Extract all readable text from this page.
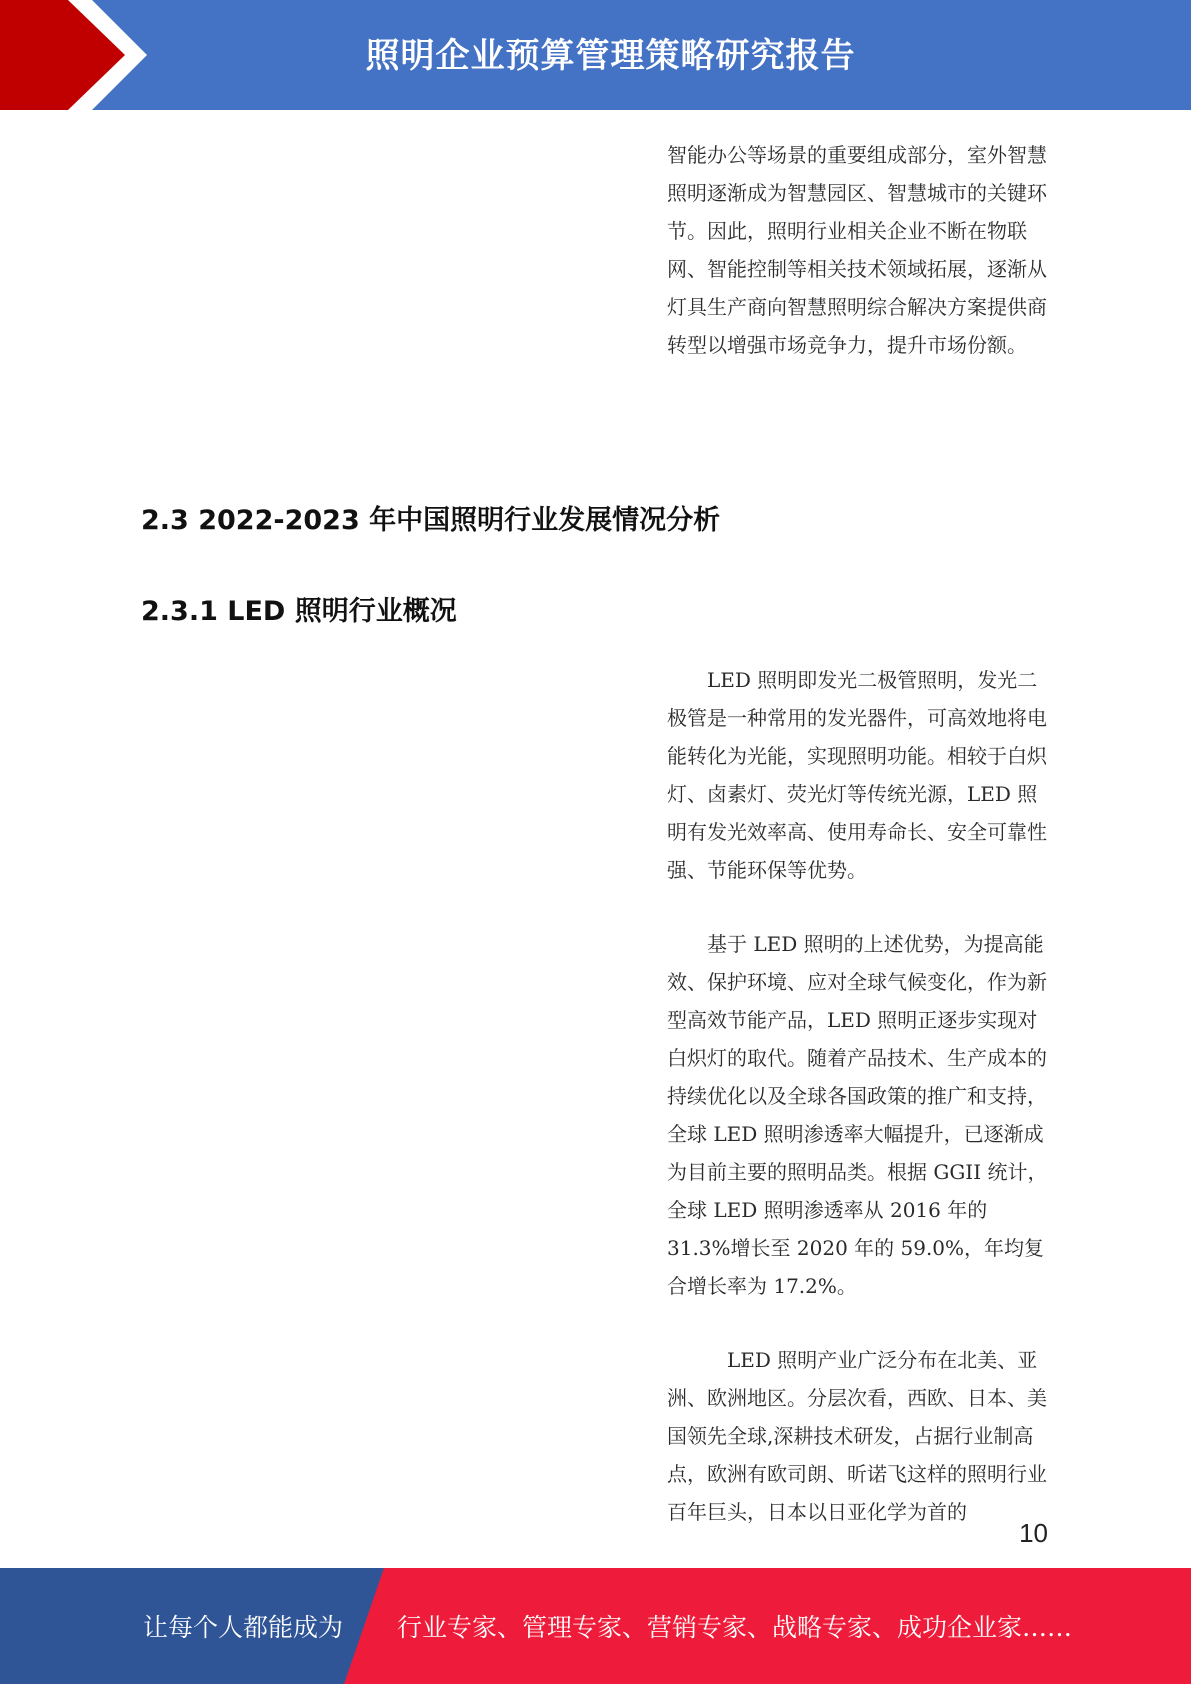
照明企业预算管理策略研究报告

智能办公等场景的重要组成部分，室外智慧照明逐渐成为智慧园区、智慧城市的关键环节。因此，照明行业相关企业不断在物联网、智能控制等相关技术领域拓展，逐渐从灯具生产商向智慧照明综合解决方案提供商转型以增强市场竞争力，提升市场份额。

2.3 2022-2023 年中国照明行业发展情况分析
2.3.1 LED 照明行业概况

LED 照明即发光二极管照明，发光二极管是一种常用的发光器件，可高效地将电能转化为光能，实现照明功能。相较于白炽灯、卤素灯、荧光灯等传统光源，LED 照明有发光效率高、使用寿命长、安全可靠性强、节能环保等优势。

基于 LED 照明的上述优势，为提高能效、保护环境、应对全球气候变化，作为新型高效节能产品，LED 照明正逐步实现对白炽灯的取代。随着产品技术、生产成本的持续优化以及全球各国政策的推广和支持，全球 LED 照明渗透率大幅提升，已逐渐成为目前主要的照明品类。根据 GGII 统计，全球 LED 照明渗透率从 2016 年的 31.3%增长至 2020 年的 59.0%，年均复合增长率为 17.2%。

LED 照明产业广泛分布在北美、亚洲、欧洲地区。分层次看，西欧、日本、美国领先全球,深耕技术研发，占据行业制高点，欧洲有欧司朗、昕诺飞这样的照明行业百年巨头，日本以日亚化学为首的

10
让每个人都能成为 行业专家、管理专家、营销专家、战略专家、成功企业家……
